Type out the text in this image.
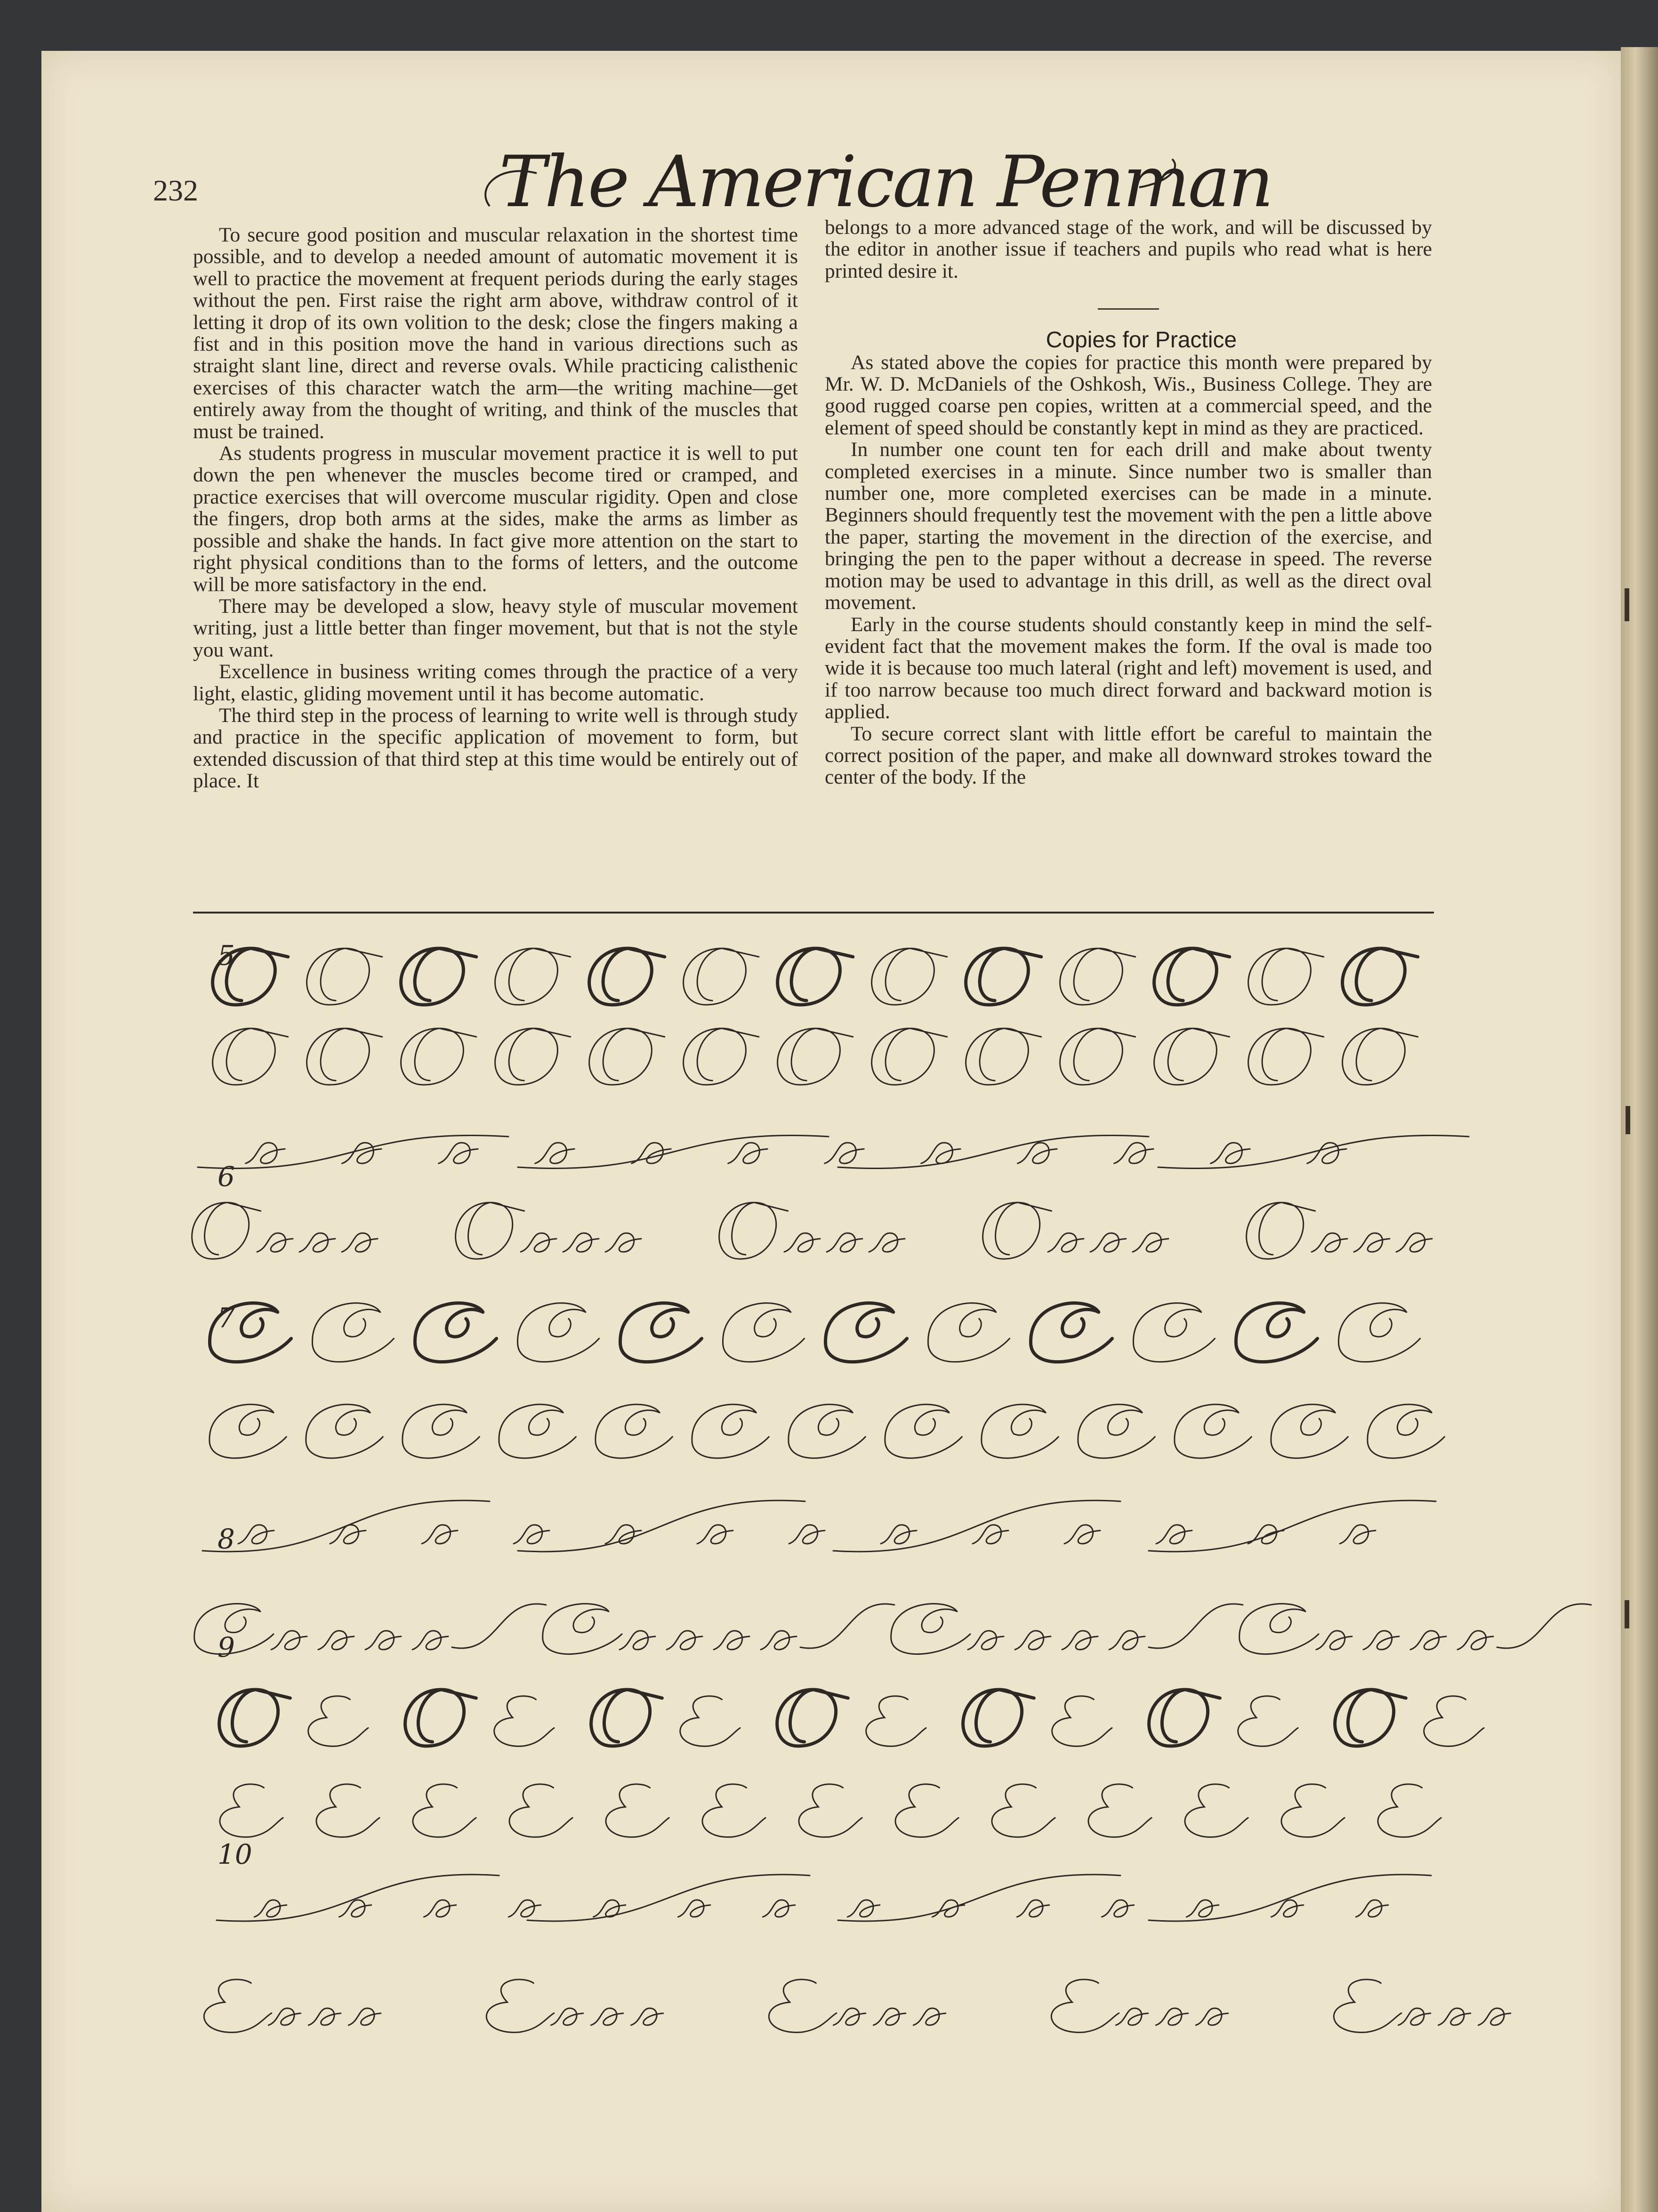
232	The American Penman

To secure good position and muscular relaxation in the shortest time possible, and to develop a needed amount of automatic movement it is well to practice the movement at frequent periods during the early stages without the pen. First raise the right arm above, withdraw control of it letting it drop of its own volition to the desk; close the fingers making a fist and in this position move the hand in various directions such as straight slant line, direct and reverse ovals. While practicing calisthenic exercises of this character watch the arm—the writing machine—get entirely away from the thought of writing, and think of the muscles that must be trained.

As students progress in muscular movement practice it is well to put down the pen whenever the muscles become tired or cramped, and practice exercises that will overcome muscular rigidity. Open and close the fingers, drop both arms at the sides, make the arms as limber as possible and shake the hands. In fact give more attention on the start to right physical conditions than to the forms of letters, and the outcome will be more satisfactory in the end.

There may be developed a slow, heavy style of muscular movement writing, just a little better than finger movement, but that is not the style you want.

Excellence in business writing comes through the practice of a very light, elastic, gliding movement until it has become automatic.

The third step in the process of learning to write well is through study and practice in the specific application of movement to form, but extended discussion of that third step at this time would be entirely out of place. It

belongs to a more advanced stage of the work, and will be discussed by the editor in another issue if teachers and pupils who read what is here printed desire it.

Copies for Practice

As stated above the copies for practice this month were prepared by Mr. W. D. McDaniels of the Oshkosh, Wis., Business College. They are good rugged coarse pen copies, written at a commercial speed, and the element of speed should be constantly kept in mind as they are practiced.

In number one count ten for each drill and make about twenty completed exercises in a minute. Since number two is smaller than number one, more completed exercises can be made in a minute. Beginners should frequently test the movement with the pen a little above the paper, starting the movement in the direction of the exercise, and bringing the pen to the paper without a decrease in speed. The reverse motion may be used to advantage in this drill, as well as the direct oval movement.

Early in the course students should constantly keep in mind the self-evident fact that the movement makes the form. If the oval is made too wide it is because too much lateral (right and left) movement is used, and if too narrow because too much direct forward and backward motion is applied.

To secure correct slant with little effort be careful to maintain the correct position of the paper, and make all downward strokes toward the center of the body. If the

5
6
7
8
9
10
